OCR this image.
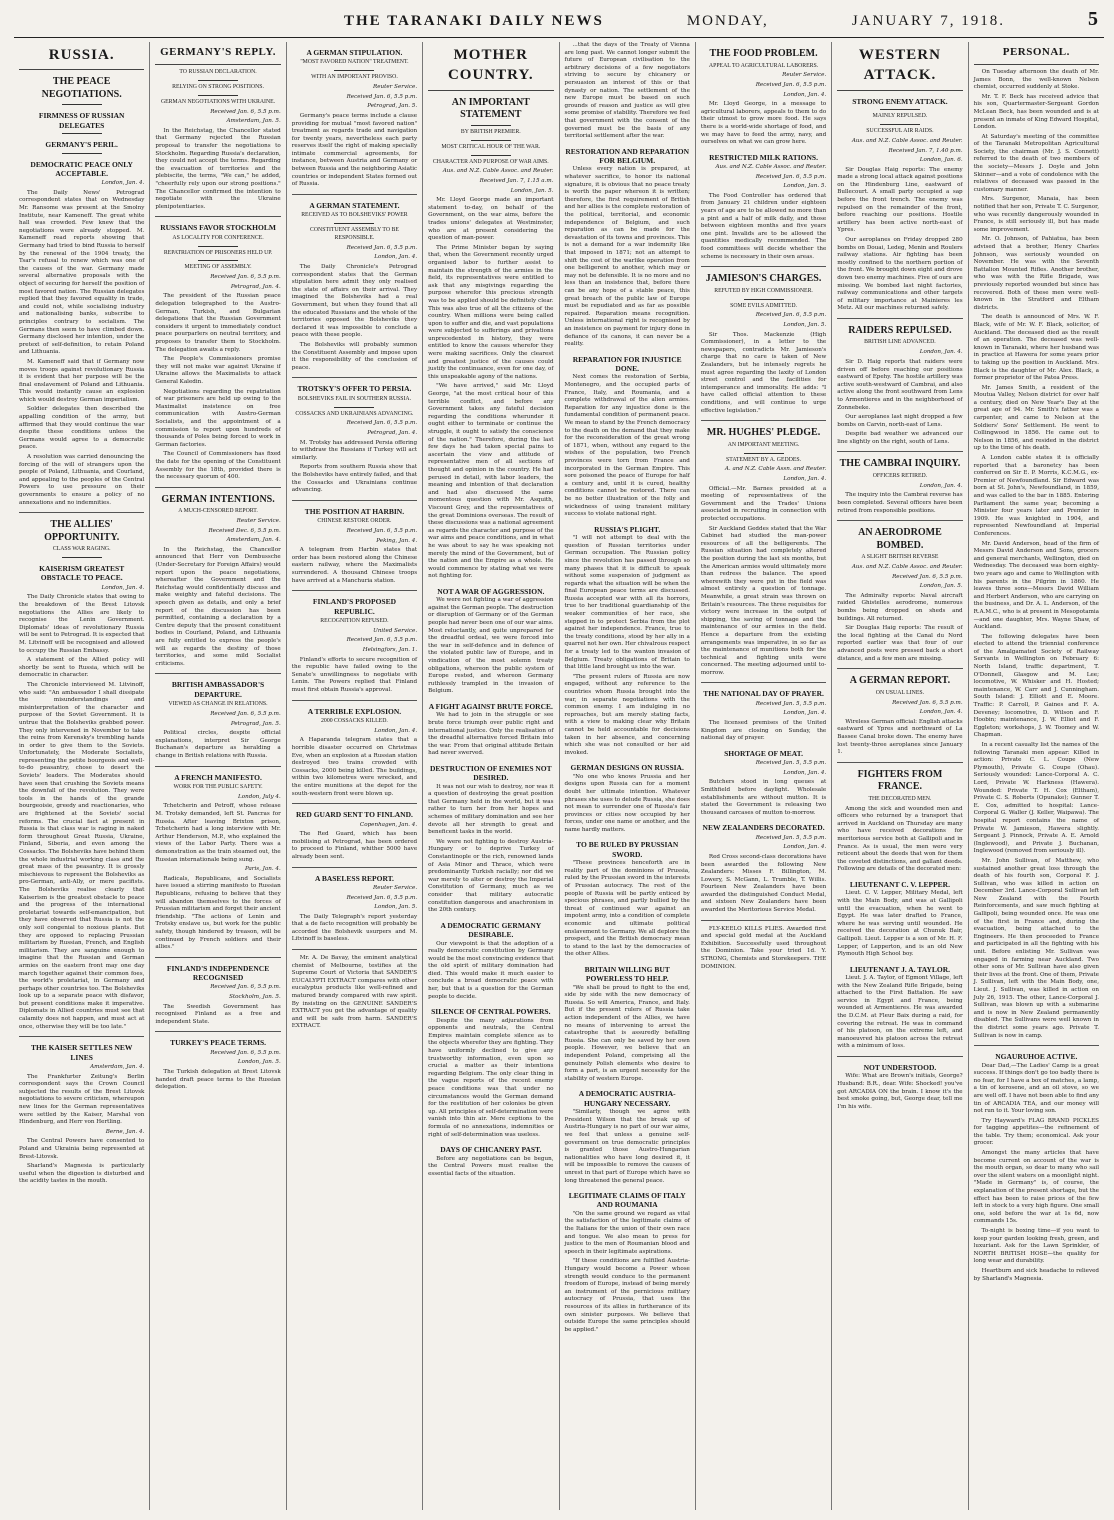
THE TARANAKI DAILY NEWS	MONDAY,	JANUARY 7, 1918.	5
RUSSIA.
THE PEACE NEGOTIATIONS.
FIRMNESS OF RUSSIAN DELEGATES
GERMANY'S PERIL.
DEMOCRATIC PEACE ONLY ACCEPTABLE.
London, Jan. 4.

The Daily News' Petrograd correspondent states that on Wednesday Mr. Ransome was present at the Smolny Institute, near Kameneff. The great white hall was crowded. Few knew that the negotiations were already stopped. M. Kameneff read reports showing that Germany had tried to bind Russia to herself by the renewal of the 1904 treaty, the Tsar's refusal to renew which was one of the causes of the war. Germany made several alternative proposals with the object of securing for herself the position of most favored nation. The Russian delegates replied that they favored equality in trade, and could not, while socialising industry and nationalising banks, subscribe to principles contrary to socialism. The Germans then seem to have climbed down. Germany disclosed her intention, under the pretext of self-definition, to retain Poland and Lithuania.

M. Kameneff said that if Germany now moves troops against revolutionary Russia it is evident that her purpose will be the final enslavement of Poland and Lithuania. This would instantly cause an explosion which would destroy German imperialism.

Soldier delegates then described the appalling condition of the army, but affirmed that they would continue the war despite these conditions unless the Germans would agree to a democratic peace.

A resolution was carried denouncing the forcing of the will of strangers upon the people of Poland, Lithuania, and Courland, and appealing to the peoples of the Central Powers to use pressure on their governments to ensure a policy of no annexations and no indemnities.

THE ALLIES' OPPORTUNITY.
CLASS WAR RAGING.
KAISERISM GREATEST OBSTACLE TO PEACE.
London, Jan. 4.

The Daily Chronicle states that owing to the breakdown of the Brest Litovsk negotiations the Allies are likely to recognise the Lenin Government. Diplomats' ideas of revolutionary Russia will be sent to Petrograd. It is expected that M. Litvinoff will be recognised and allowed to occupy the Russian Embassy.

A statement of the Allied policy will shortly be sent to Russia, which will be democratic in character.

The Chronicle interviewed M. Litvinoff, who said: "An ambassador I shall dissipate the misunderstandings and misinterpretation of the character and purpose of the Soviet Government. It is untrue that the Bolsheviks grabbed power. They only intervened in November to take the reins from Kerensky's trembling hands in order to give them to the Soviets. Unfortunately, the Moderate Socialists, representing the petite bourgeois and well-to-do peasantry, chose to desert the Soviets' leaders. The Moderates should have seen that crushing the Soviets means the downfall of the revolution. They were tools in the hands of the grande bourgeoisie, greedy and reactionaries, who are frightened at the Soviets' social reforms. The crucial fact at present in Russia is that class war is raging in naked form throughout Great Russia, Ukraine, Finland, Siberia, and even among the Cossacks. The Bolsheviks have behind them the whole industrial working class and the great mass of the peasantry. It is grossly mischievous to represent the Bolsheviks as pro-German, anti-Ally, or mere pacifists. The Bolsheviks realise clearly that Kaiserism is the greatest obstacle to peace and the progress of the international proletariat towards self-emancipation, but they have observed that Russia is not the only soil congenial to noxious plants. But they are opposed to replacing Prussian militarism by Russian, French, and English militarism. They are sanguine enough to imagine that the Russian and German armies on the eastern front may one day march together against their common foes, the world's proletariat, in Germany and perhaps other countries too. The Bolsheviks look up to a separate peace with disfavor, but present conditions make it imperative. Diplomats in Allied countries must see that calamity does not happen, and must act at once, otherwise they will be too late."

THE KAISER SETTLES NEW LINES
Amsterdam, Jan. 4.

The Frankfurter Zeitung's Berlin correspondent says the Crown Council subjected the results of the Brest Litovsk negotiations to severe criticism, whereupon new lines for the German representatives were settled by the Kaiser, Marshal von Hindenburg, and Herr von Hertling.

Berne, Jan. 4.

The Central Powers have consented to Poland and Ukrainia being represented at Brest-Litovsk.

Sharland's Magnesia is particularly useful when the digestion is disturbed and the acidity tastes in the mouth.

GERMANY'S REPLY.
TO RUSSIAN DECLARATION.
RELYING ON STRONG POSITIONS.
GERMAN NEGOTIATIONS WITH UKRAINE.
Received Jan. 6, 5.5 p.m.
Amsterdam, Jan. 5.

In the Reichstag, the Chancellor stated that Germany rejected the Russian proposal to transfer the negotiations to Stockholm. Regarding Russia's declaration, they could not accept the terms. Regarding the evacuation of territories and the plebiscite, the terms, "We can," he added, "cheerfully rely upon our strong positions." The Chancellor confirmed the intention to negotiate with the Ukraine plenipotentiaries.

RUSSIANS FAVOR STOCKHOLM
AS LOCALITY FOR CONFERENCE.
REPATRIATION OF PRISONERS HELD UP.
MEETING OF ASSEMBLY.
Received Jan. 6, 5.5 p.m.
Petrograd, Jan. 4.

The president of the Russian peace delegation telegraphed to the Austro-German, Turkish, and Bulgarian delegations that the Russian Government considers it urgent to immediately conduct peace pourparlers on neutral territory, and proposes to transfer them to Stockholm. The delegation awaits a reply.

The People's Commissioners promise they will not make war against Ukraine if Ukraine allows the Maximalists to attack General Kaledin.

Negotiations regarding the repatriation of war prisoners are held up owing to the Maximalist insistence on free communication with Austro-German Socialists, and the appointment of a commission to report upon hundreds of thousands of Poles being forced to work in German factories.

The Council of Commissioners has fixed the date for the opening of the Constituent Assembly for the 18th, provided there is the necessary quorum of 400.

GERMAN INTENTIONS.
A MUCH-CENSORED REPORT.
Reuter Service.
Received Dec. 6, 5.5 p.m.
Amsterdam, Jan. 4.

In the Reichstag, the Chancellor announced that Herr von Dembussche (Under-Secretary for Foreign Affairs) would report upon the peace negotiations, whereafter the Government and the Reichstag would confidentially discuss and make weighty and fateful decisions. The speech given as details, and only a brief report of the discussion has been permitted, containing a declaration by a Centre deputy that the present constituent bodies in Courland, Poland, and Lithuania are fully entitled to express the people's will as regards the destiny of those territories, and some mild Socialist criticisms.

BRITISH AMBASSADOR'S DEPARTURE.
VIEWED AS CHANGE IN RELATIONS.
Received Jan. 6, 5.5 p.m.
Petrograd, Jan. 5.

Political circles, despite official explanations, interpret Sir George Buchanan's departure as heralding a change in British relations with Russia.

A FRENCH MANIFESTO.
WORK FOR THE PUBLIC SAFETY.
London, July 4.

Tchetcherin and Petroff, whose release M. Trotsky demanded, left St. Pancras for Russia. After leaving Brixton prison, Tchetcherin had a long interview with Mr. Arthur Henderson, M.P., who explained the views of the Labor Party. There was a demonstration as the train steamed out, the Russian internationale being sung.

Paris, Jan. 4.

Radicals, Republicans, and Socialists have issued a stirring manifesto to Russian Republicans, refusing to believe that they will abandon themselves to the forces of Prussian militarism and forget their ancient friendship. "The actions of Lenin and Trotsky enslave us, but work for the public safety, though hindered by treason, will be continued by French soldiers and their allies."

FINLAND'S INDEPENDENCE RECOGNISED
Received Jan. 6, 5.5 p.m.
Stockholm, Jan. 5.

The Swedish Government has recognised Finland as a free and independent State.

TURKEY'S PEACE TERMS.
Received Jan. 6, 5.5 p.m.
London, Jan. 5.

The Turkish delegation at Brest Litovsk handed draft peace terms to the Russian delegation.

A GERMAN STIPULATION.
"MOST FAVORED NATION" TREATMENT.
WITH AN IMPORTANT PROVISO.
Reuter Service.
Received Jan. 6, 5.5 p.m.
Petrograd, Jan. 5.

Germany's peace terms include a clause providing for mutual "most favored nation" treatment as regards trade and navigation for twenty years, nevertheless each party reserves itself the right of making specially intimate commercial agreements, for instance, between Austria and Germany or between Russia and the neighboring Asiatic countries or independent States formed out of Russia.

A GERMAN STATEMENT.
RECEIVED AS TO BOLSHEVIKS' POWER
CONSTITUENT ASSEMBLY TO BE RESPONSIBLE.
Received Jan. 6, 5.5 p.m.
London, Jan. 4.

The Daily Chronicle's Petrograd correspondent states that the German stipulation here admit they only realised the state of affairs on their arrival. They imagined the Bolsheviks had a real Government, but when they found that all the educated Russians and the whole of the territories opposed the Bolsheviks they declared it was impossible to conclude a peace with these people.

The Bolsheviks will probably summon the Constituent Assembly and impose upon it the responsibility of the conclusion of peace.

TROTSKY'S OFFER TO PERSIA.
BOLSHEVIKS FAIL IN SOUTHERN RUSSIA.
COSSACKS AND UKRAINIANS ADVANCING.
Received Jan. 6, 5.5 p.m.
Petrograd, Jan. 4.

M. Trotsky has addressed Persia offering to withdraw the Russians if Turkey will act similarly.

Reports from southern Russia show that the Bolsheviks have entirely failed, and that the Cossacks and Ukrainians continue advancing.

THE POSITION AT HARBIN.
CHINESE RESTORE ORDER.
Received Jan. 6, 5.5 p.m.
Peking, Jan. 4.

A telegram from Harbin states that order has been restored along the Chinese eastern railway, where the Maximalists surrendered. A thousand Chinese troops have arrived at a Manchuria station.

FINLAND'S PROPOSED REPUBLIC.
RECOGNITION REFUSED.
United Service.
Received Jan. 6, 5.5 p.m.
Helsingfors, Jan. 1.

Finland's efforts to secure recognition of the republic have failed owing to the Senate's unwillingness to negotiate with Lenin. The Powers replied that Finland must first obtain Russia's approval.

A TERRIBLE EXPLOSION.
2000 COSSACKS KILLED.
London, Jan. 4.

A Haparanda telegram states that a horrible disaster occurred on Christmas Eve, when an explosion at a Russian station destroyed two trains crowded with Cossacks, 2000 being killed. The buildings, within two kilometres were wrecked, and the entire munitions at the depot for the south-western front were blown up.

RED GUARD SENT TO FINLAND.
Copenhagen, Jan. 4.

The Red Guard, which has been mobilising at Petrograd, has been ordered to proceed to Finland, whither 5000 have already been sent.

A BASELESS REPORT.
Reuter Service.
Received Jan. 6, 5.5 p.m.
London, Jan. 5.

The Daily Telegraph's report yesterday that a de facto recognition will probably be accorded the Bolshevik usurpers and M. Litvinoff is baseless.

Mr. A. De Bavay, the eminent analytical chemist of Melbourne, testifies at the Supreme Court of Victoria that SANDER'S EUCALYPTI EXTRACT compares with other eucalyptus products like well-refined and matured brandy compared with raw spirit. By insisting on the GENUINE SANDER'S EXTRACT you get the advantage of quality and will be safe from harm. SANDER'S EXTRACT.

MOTHER COUNTRY.
AN IMPORTANT STATEMENT
BY BRITISH PREMIER.
MOST CRITICAL HOUR OF THE WAR.
CHARACTER AND PURPOSE OF WAR AIMS.
Aus. and N.Z. Cable Assoc. and Reuter.
Received Jan. 7, 1.15 a.m.
London, Jan. 5.

Mr. Lloyd George made an important statement to-day, on behalf of the Government, on the war aims, before the trades unions' delegates at Westminster, who are at present considering the question of man-power.

The Prime Minister began by saying that, when the Government recently urged organised labor to further assist to maintain the strength of the armies in the field, its representatives were entitled to ask that any misgivings regarding the purpose wherefor this precious strength was to be applied should be definitely clear. This was also true of all the citizens of the country. When millions were being called upon to suffer and die, and vast populations were subjected to sufferings and privations unprecedented in history, they were entitled to know the causes wherefor they were making sacrifices. Only the clearest and greatest justice of the causes could justify the continuance, even for one day, of this unspeakable agony of the nations.

"We have arrived," said Mr. Lloyd George, "at the most critical hour of this terrible conflict, and before any Government takes any fateful decision regarding the conditions wherunder it ought either to terminate or continue the struggle, it ought to satisfy the conscience of the nation." Therefore, during the last few days he had taken special pains to ascertain the view and attitude of representative men of all sections of thought and opinion in the country. He had perused in detail, with labor leaders, the meaning and intention of that declaration and had also discussed the same momentous question with Mr. Asquith, Viscount Grey, and the representatives of the great Dominions overseas. The result of these discussions was a national agreement as regards the character and purpose of the war aims and peace conditions, and in what he was about to say he was speaking not merely the mind of the Government, but of the nation and the Empire as a whole. He would commence by stating what we were not fighting for.

NOT A WAR OF AGGRESSION.

We were not fighting a war of aggression against the German people. The destruction or disruption of Germany or of the German people had never been one of our war aims. Most reluctantly, and quite unprepared for the dreadful ordeal, we were forced into the war in self-defence and in defence of the violated public law of Europe, and in vindication of the most solemn treaty obligations, whereon the public system of Europe rested, and whereon Germany ruthlessly trampled in the invasion of Belgium.

A FIGHT AGAINST BRUTE FORCE.

We had to join in the struggle or see brute force triumph over public right and international justice. Only the realisation of the dreadful alternative forced Britain into the war. From that original attitude Britain had never swerved.

DESTRUCTION OF ENEMIES NOT DESIRED.

It was not our wish to destroy, nor was it a question of destroying the great position that Germany held in the world, but it was rather to turn her from her hopes and schemes of military domination and see her devote all her strength to great and beneficent tasks in the world.

We were not fighting to destroy Austria-Hungary or to deprive Turkey of Constantinople or the rich, renowned lands of Asia Minor and Thrace, which were predominantly Turkish racially; nor did we war merely to alter or destroy the Imperial Constitution of Germany, much as we consider that military autocratic constitution dangerous and anachronism in the 20th century.

A DEMOCRATIC GERMANY DESIRABLE.

Our viewpoint is that the adoption of a really democratic constitution by Germany would be the most convincing evidence that the old spirit of military domination had died. This would make it much easier to conclude a broad democratic peace with her, but that is a question for the German people to decide.

SILENCE OF CENTRAL POWERS.

Despite the many adjurations from opponents and neutrals, the Central Empires maintain complete silence as to the objects wherefor they are fighting. They have uniformly declined to give any trustworthy information, even upon so crucial a matter as their intentions regarding Belgium. The only clear thing in the vague reports of the recent enemy peace conditions was that under no circumstances would the German demand for the restitution of her colonies be given up. All principles of self-determination were vanish into thin air. Mere ceptions to the formula of no annexations, indemnities or right of self-determination was useless.

DAYS OF CHICANERY PAST.

Before any negotiations can be begun, the Central Powers must realise the essential facts of the situation.

...that the days of the Treaty of Vienna are long past. We cannot longer submit the future of European civilisation to the arbitrary decisions of a few negotiators striving to secure by chicanery or persuasion an interest of this or that dynasty or nation. The settlement of the new Europe must be based on such grounds of reason and justice as will give some promise of stability. Therefore we feel that government with the consent of the governed must be the basis of any territorial settlement after the war.

RESTORATION AND REPARATION FOR BELGIUM.

Unless every nation is prepared, at whatever sacrifice, to honor its national signature, it is obvious that no peace treaty is worth the paper whereon it is written; therefore, the first requirement of British and her allies is the complete restoration of the political, territorial, and economic independence of Belgium, and such reparation as can be made for the devastation of its towns and provinces. This is not a demand for a war indemnity like that imposed in 1871; not an attempt to shift the cost of the warlike operation from one belligerent to another, which may or may not be defensible. It is no more and no less than an insistence that, before there can be any hope of a stable peace, this great breach of the public law of Europe must be repudiated and as far as possible repaired. Reparation means recognition. Unless international right is recognised by an insistence on payment for injury done in defiance of its canons, it can never be a reality.

REPARATION FOR INJUSTICE DONE.

Next comes the restoration of Serbia, Montenegro, and the occupied parts of France, Italy, and Roumania, and a complete withdrawal of the alien armies. Reparation for any injustice done is the fundamental condition of permanent peace. We mean to stand by the French democracy to the death on the demand that they make for the reconsideration of the great wrong of 1871, when, without any regard to the wishes of the population, two French provinces were torn from France and incorporated in the German Empire. This sore poisoned the peace of Europe for half a century and, until it is cured, healthy conditions cannot be restored. There can be no better illustration of the folly and wickedness of using transient military success to violate national right.

RUSSIA'S PLIGHT.

"I will not attempt to deal with the question of Russian territories under German occupation. The Russian policy since the revolution has passed through so many phases that it is difficult to speak without some suspension of judgment as regards what the situation will be when the final European peace terms are discussed. Russia accepted war with all its horrors, true to her traditional guardianship of the weaker communities of her race, she stepped in to protect Serbia from the plot against her independence. France, true to the treaty conditions, stood by her ally in a quarrel not her own. Her chivalrous respect for a treaty led to the wanton invasion of Belgium. Treaty obligations of Britain to that little land brought us into the war.

"The present rulers of Russia are now engaged, without any reference to the countries whom Russia brought into the war, in separate negotiations with the common enemy. I am indulging in no reproaches, but am merely stating facts, with a view to making clear why Britain cannot be held accountable for decisions taken in her absence, and concerning which she was not consulted or her aid invoked.

GERMAN DESIGNS ON RUSSIA.

"No one who knows Prussia and her designs upon Russia can for a moment doubt her ultimate intention. Whatever phrases she uses to delude Russia, she does not mean to surrender one of Russia's fair provinces or cities now occupied by her forces, under one name or another, and the name hardly matters.

TO BE RULED BY PRUSSIAN SWORD.

"These provinces henceforth are in reality part of the dominions of Prussia, ruled by the Prussian sword in the interests of Prussian autocracy. The rest of the people of Russia will be partly enticed by specious phrases, and partly bullied by the threat of continued war against an impotent army, into a condition of complete economic and ultimate political enslavement to Germany. We all deplore the prospect, and the British democracy mean to stand to the last by the democracies of the other Allies.

BRITAIN WILLING BUT POWERLESS TO HELP.

"We shall be proud to fight to the end, side by side with the new democracy of Russia. So will America, France, and Italy. But if the present rulers of Russia take action independent of the Allies, we have no means of intervening to arrest the catastrophe that is assuredly befalling Russia. She can only be saved by her own people. However, we believe that an independent Poland, comprising all the genuinely Polish elements who desire to form a part, is an urgent necessity for the stability of western Europe.

A DEMOCRATIC AUSTRIA-HUNGARY NECESSARY.

"Similarly, though we agree with President Wilson that the break up of Austria-Hungary is no part of our war aims, we feel that unless a genuine self-government on true democratic principles is granted those Austro-Hungarian nationalities who have long desired it, it will be impossible to remove the causes of unrest in that part of Europe which have so long threatened the general peace.

LEGITIMATE CLAIMS OF ITALY AND ROUMANIA

"On the same ground we regard as vital the satisfaction of the legitimate claims of the Italians for the union of their own race and tongue. We also mean to press for justice to the men of Roumanian blood and speech in their legitimate aspirations.

"If these conditions are fulfilled Austria-Hungary would become a Power whose strength would conduce to the permanent freedom of Europe, instead of being merely an instrument of the pernicious military autocracy of Prussia, that uses the resources of its allies in furtherance of its own sinister purposes. We believe that outside Europe the same principles should be applied."

THE FOOD PROBLEM.
APPEAL TO AGRICULTURAL LABORERS.
Reuter Service.
Received Jan. 6, 5.5 p.m.
London, Jan. 4.

Mr. Lloyd George, in a message to agricultural laborers, appeals to them to do their utmost to grow more food. He says there is a world-wide shortage of food, and we may have to feed the army, navy, and ourselves on what we can grow here.

RESTRICTED MILK RATIONS.
Aus. and N.Z. Cable Assoc. and Reuter.
Received Jan. 6, 5.5 p.m.
London, Jan. 5.

The Food Controller has ordered that from January 21 children under eighteen years of age are to be allowed no more than a pint and a half of milk daily, and those between eighteen months and five years one pint. Invalids are to be allowed the quantities medically recommended. The food committees will decide whether the scheme is necessary in their own areas.

JAMIESON'S CHARGES.
REFUTED BY HIGH COMMISSIONER.
SOME EVILS ADMITTED.
Received Jan. 6, 5.5 p.m.
London, Jan. 5.

Sir Thos. Mackenzie (High Commissioner), in a letter to the newspapers, contradicts Mr. Jamieson's charge that no care is taken of New Zealanders, but he intensely regrets he must agree regarding the laxity of London street control and the facilities for intemperance and immorality. He adds: "I have called official attention to these conditions, and will continue to urge effective legislation."

MR. HUGHES' PLEDGE.
AN IMPORTANT MEETING.
STATEMENT BY A. GEDDES.
A. and N.Z. Cable Assn. and Reuter.
London, Jan. 4.

Official.—Mr. Barnes presided at a meeting of representatives of the Government and the Trades' Unions associated in recruiting in connection with protected occupations.

Sir Auckland Geddes stated that the War Cabinet had studied the man-power resources of all the belligerents. The Russian situation had completely altered the position during the last six months, but the American armies would ultimately more than redress the balance. The speed wherewith they were put in the field was almost entirely a question of tonnage. Meanwhile, a great strain was thrown on Britain's resources. The three requisites for victory were increase in the output of shipping, the saving of tonnage and the maintenance of our armies in the field. Hence a departure from the existing arrangements was imperative, in so far as the maintenance of munitions both for the technical and fighting units were concerned. The meeting adjourned until to-morrow.

THE NATIONAL DAY OF PRAYER.
Received Jan. 5, 5.5 p.m.
London, Jan. 4.

The licensed premises of the United Kingdom are closing on Sunday, the national day of prayer.

SHORTAGE OF MEAT.
Received Jan. 5, 5.5 p.m.
London, Jan. 4.

Butchers stood in long queues at Smithfield before daylight. Wholesale establishments are without mutton. It is stated the Government is releasing two thousand carcases of mutton to-morrow.

NEW ZEALANDERS DECORATED.
Received Jan. 5, 5.5 p.m.
London, Jan. 4.

Red Cross second-class decorations have been awarded the following New Zealanders: Misses F. Billington, M. Lowery, S. McGann, L. Trumble, T. Willis. Fourteen New Zealanders have been awarded the distinguished Conduct Medal, and sixteen New Zealanders have been awarded the Meritorious Service Medal.

FLY-KEELO KILLS FLIES. Awarded first and special gold medal at the Auckland Exhibition. Successfully used throughout the Dominion. Take your tried 1d. Y. STRONG, Chemists and Storekeepers. THE DOMINION.

WESTERN ATTACK.
STRONG ENEMY ATTACK.
MAINLY REPULSED.
SUCCESSFUL AIR RAIDS.
Aus. and N.Z. Cable Assoc. and Reuter.
Received Jan. 7, 1.40 p.m.
London, Jan. 6.

Sir Douglas Haig reports: The enemy made a strong local attack against positions on the Hindenburg Line, eastward of Bullecourt. A small party occupied a sap before the front trench. The enemy was repulsed on the remainder of the front, before reaching our positions. Hostile artillery has been active north-east of Ypres.

Our aeroplanes on Friday dropped 280 bombs on Douai, Ledeg, Menin and Roulers railway stations. Air fighting has been mostly confined to the northern portion of the front. We brought down eight and drove down two enemy machines. Five of ours are missing. We bombed last night factories, railway communications and other targets of military importance at Mainieres les Metz. All our machines returned safely.

RAIDERS REPULSED.
BRITISH LINE ADVANCED.
London, Jan. 4.

Sir D. Haig reports that raiders were driven off before reaching our positions eastward of Epehy. The hostile artillery was active south-westward of Cambrai, and also active along the front southward from Lens to Armentieres and in the neighborhood of Zonnebeke.

Our aeroplanes last night dropped a few bombs on Carvin, north-east of Lens.

Despite bad weather we advanced our line slightly on the right, south of Lens.

THE CAMBRAI INQUIRY.
OFFICERS RETIRED.
London, Jan. 4.

The inquiry into the Cambrai reverse has been completed. Several officers have been retired from responsible positions.

AN AERODROME BOMBED.
A SLIGHT BRITISH REVERSE
Aus. and N.Z. Cable Assoc. and Reuter.
Received Jan. 6, 5.5 p.m.
London, Jan. 5.

The Admiralty reports: Naval aircraft raided Ghistelles aerodrome, numerous bombs being dropped on sheds and buildings. All returned.

Sir Douglas Haig reports: The result of the local fighting at the Canal du Nord reported earlier was that four of our advanced posts were pressed back a short distance, and a few men are missing.

A GERMAN REPORT.
ON USUAL LINES.
Received Jan. 6, 5.5 p.m.
London, Jan. 4.

Wireless German official: English attacks eastward of Ypres and northward of La Bassee Canal broke down. The enemy have lost twenty-three aeroplanes since January 1.

FIGHTERS FROM FRANCE.
THE DECORATED MEN.

Among the sick and wounded men and officers who returned by a transport that arrived in Auckland on Thursday are many who have received decorations for meritorious service both at Gallipoli and in France. As is usual, the men were very reticent about the deeds that won for them the coveted distinctions, and gallant deeds. Following are details of the decorated men:

LIEUTENANT C. V. LEPPER.

Lieut. C. V. Lepper, Military Medal, left with the Main Body, and was at Gallipoli until the evacuation, when he went to Egypt. He was later drafted to France, where he was serving until wounded. He received the decoration at Chunuk Bair, Gallipoli. Lieut. Lepper is a son of Mr. H. F. Lepper, of Lepperton, and is an old New Plymouth High School boy.

LIEUTENANT J. A. TAYLOR.

Lieut. J. A. Taylor, of Egmont Village, left with the New Zealand Rifle Brigade, being attached to the First Battalion. He saw service in Egypt and France, being wounded at Armentieres. He was awarded the D.C.M. at Fleur Baix during a raid, for covering the retreat. He was in command of his platoon, on the extreme left, and manoeuvred his platoon across the retreat with a minimum of loss.

NOT UNDERSTOOD.

Wife: What are Brown's initials, George? Husband: B.R., dear. Wife: Shocked! you've got ARCADIA ON the brain. I know it's the best smoke going, but, George dear, tell me I'm his wife.

PERSONAL.

On Tuesday afternoon the death of Mr. James Bonn, the well-known Nelson chemist, occurred suddenly at Stoke.

Mr. T. F. Beck has received advice that his son, Quartermaster-Sergeant Gordon McLean Beck, has been wounded and is at present an inmate of King Edward Hospital, London.

At Saturday's meeting of the committee of the Taranaki Metropolitan Agricultural Society, the chairman (Mr. J. S. Connett) referred to the death of two members of the society—Messrs J. Doyle and John Skinner—and a vote of condolence with the relatives of deceased was passed in the customary manner.

Mrs. Surgenor, Manaia, has been notified that her son, Private T. C. Surgenor, who was recently dangerously wounded in France, is still seriously ill, but has made some improvement.

Mr. O. Johnson, of Pahiatua, has been advised that a brother, Henry Charles Johnson, was seriously wounded on November. He was with the Seventh Battalion Mounted Rifles. Another brother, who was with the Rifle Brigade, was previously reported wounded but since has recovered. Both of these men were well-known in the Stratford and Eltham districts.

The death is announced of Mrs. W. F. Black, wife of Mr. W. F. Black, solicitor, of Auckland. The deceased died as the result of an operation. The deceased was well-known in Taranaki, where her husband was in practice at Hawera for some years prior to taking up the position in Auckland. Mrs. Black is the daughter of Mr. Alex. Black, a former proprietor of the Patea Press.

Mr. James Smith, a resident of the Moutua Valley, Nelson district for over half a century, died on New Year's Day at the great age of 94. Mr. Smith's father was a carpenter, and came to Nelson at the Soldiers' Sons' Settlement. He went to Collingwood in 1856. He came out to Nelson in 1856, and resided in the district up to the time of his death.

A London cable states it is officially reported that a baronetcy has been conferred on Sir E. P. Morris, K.C.M.G., ex-Premier of Newfoundland. Sir Edward was born at St. John's, Newfoundland, in 1859, and was called to the bar in 1885. Entering Parliament the same year, becoming a Minister four years later and Premier in 1909. He was knighted in 1904, and represented Newfoundland at Imperial Conferences.

Mr. David Anderson, head of the firm of Messrs David Anderson and Sons, grocers and general merchants, Wellington, died on Wednesday. The deceased was born eighty-two years ago and came to Wellington with his parents in the Pilgrim in 1860. He leaves three sons—Messrs David William and Herbert Anderson, who are carrying on the business, and Dr. A. L. Anderson, of the R.A.M.C., who is at present in Mesopotamia—and one daughter, Mrs. Wayne Shaw, of Auckland.

The following delegates have been elected to attend the triennial conference of the Amalgamated Society of Railway Servants in Wellington on February 6: North Island, traffic department, T. O'Donnell, Glasgow and M. Lee; locomotive, W. Whisker and H. Hosted; maintenance, W. Carr and J. Cunningham. South Island: J. Elliott and E. Moore. Traffic: P. Carroll, P. Gaines and F. A. Deveney; locomotive, D. Wilson and F. Hoobin; maintenance, J. W. Elliot and F. Eggleton; workshops, J. W. Toomey and W. Chapman.

In a recent casualty list the names of the following Taranaki men appear: Killed in action: Private C. L. Coupe (New Plymouth), Private G. Coupe (Ohau). Seriously wounded: Lance-Corporal A. C. Lord, Private W. Harkness (Hawera). Wounded: Private T. H. Cox (Eltham), Private C. S. Roberts (Opunake); Gunner T. E. Cox, admitted to hospital: Lance-Corporal G. Waller (J. Keller, Waipawa). The hospital report contains the name of Private W. Jamieson, Hawera slightly. Sergeant J. Pinnock, Private A. E. Arnold (Inglewood), and Private J. Buchanan, Inglewood (removed from seriously ill).

Mr. John Sullivan, of Matthew, who sustained another great loss through the death of his fourth son, Corporal F. J. Sullivan, who was killed in action on December 3rd. Lance-Corporal Sullivan left New Zealand with the Fourth Reinforcements, and saw much fighting at Gallipoli, being wounded once. He was one of the first in France and, during the evacuation, being attached to the Engineers. He then proceeded to France and participated in all the fighting with his unit. Before enlisting Mr. Sullivan was engaged in farming near Auckland. Two other sons of Mr. Sullivan have also given their lives at the front. One of them, Private J. Sullivan, left with the Main Body, one, Lieut. J. Sullivan, was killed in action on July 26, 1915. The other, Lance-Corporal J. Sullivan, was blown up with a submarine and is now in New Zealand permanently disabled. The Sullivans were well known in the district some years ago. Private T. Sullivan is now in camp.

NGAURUHOE ACTIVE.

Dear Dad,—The Ladies' Camp is a great success. If things don't go too badly there is no fear, for I have a box of matches, a lamp, a tin of kerosene, and an oil stove, so we are well off. I have not been able to find any tin of ARCADIA TEA, and our money will not run to it. Your loving son.

Try Hayward's FLAG BRAND PICKLES for tagging appetites—the refinement of the table. Try them; economical. Ask your grocer.

Amongst the many articles that have become current on account of the war is the mouth organ, so dear to many who sail over the silent waters on a moonlight night. "Made in Germany" is, of course, the explanation of the present shortage, but the effect has been to raise prices of the few left in stock to a very high figure. One small one, sold before the war at 1s 6d, now commands 15s.

To-night is boxing time—if you want to keep your garden looking fresh, green, and luxuriant. Ask for the Lawn Sprinkler, of NORTH BRITISH HOSE—the quality for long wear and durability.

Heartburn and sick headache to relieved by Sharland's Magnesia.
